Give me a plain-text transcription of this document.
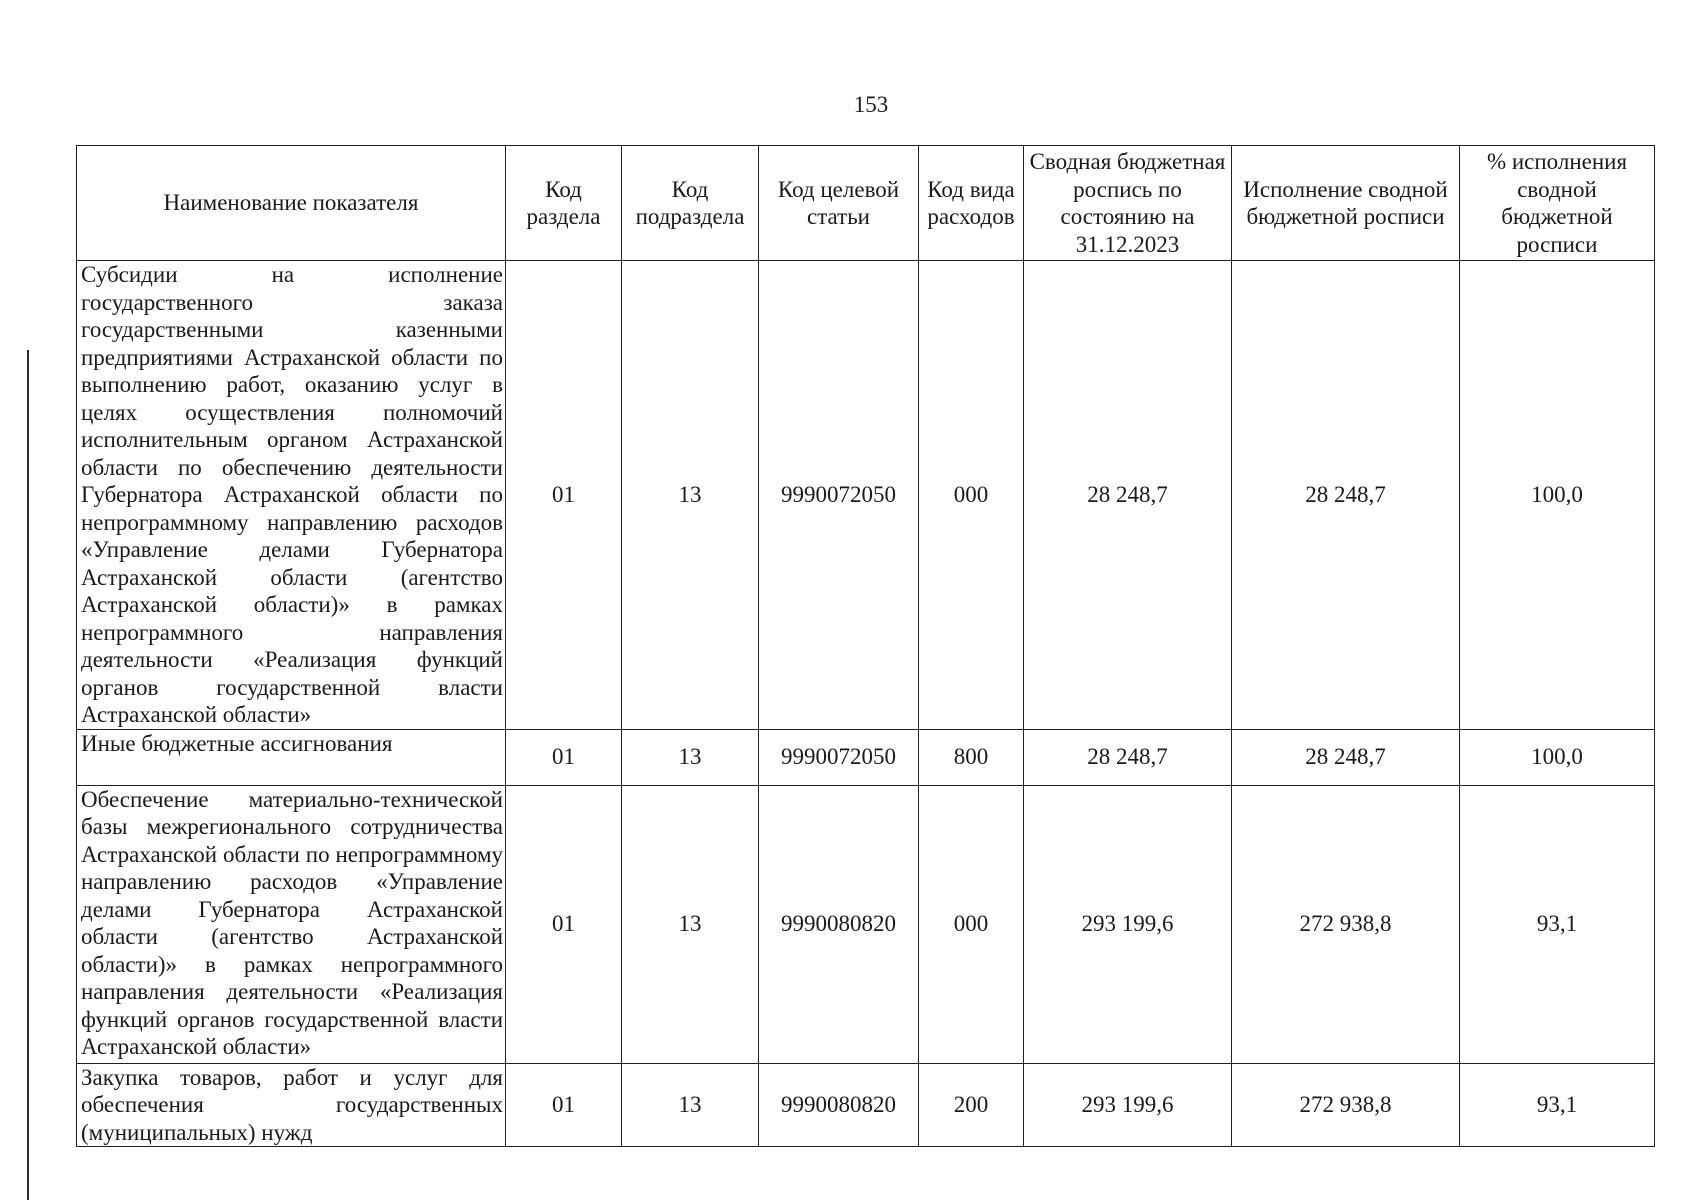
153
Наименование показателя	Код раздела	Код подраздела	Код целевой статьи	Код вида расходов	Сводная бюджетная роспись по состоянию на 31.12.2023	Исполнение сводной бюджетной росписи	% исполнения сводной бюджетной росписи
Субсидии на исполнение государственного заказа государственными казенными предприятиями Астраханской области по выполнению работ, оказанию услуг в целях осуществления полномочий исполнительным органом Астраханской области по обеспечению деятельности Губернатора Астраханской области по непрограммному направлению расходов «Управление делами Губернатора Астраханской области (агентство Астраханской области)» в рамках непрограммного направления деятельности «Реализация функций органов государственной власти Астраханской области»	01	13	9990072050	000	28 248,7	28 248,7	100,0
Иные бюджетные ассигнования	01	13	9990072050	800	28 248,7	28 248,7	100,0
Обеспечение материально-технической базы межрегионального сотрудничества Астраханской области по непрограммному направлению расходов «Управление делами Губернатора Астраханской области (агентство Астраханской области)» в рамках непрограммного направления деятельности «Реализация функций органов государственной власти Астраханской области»	01	13	9990080820	000	293 199,6	272 938,8	93,1
Закупка товаров, работ и услуг для обеспечения государственных (муниципальных) нужд	01	13	9990080820	200	293 199,6	272 938,8	93,1
